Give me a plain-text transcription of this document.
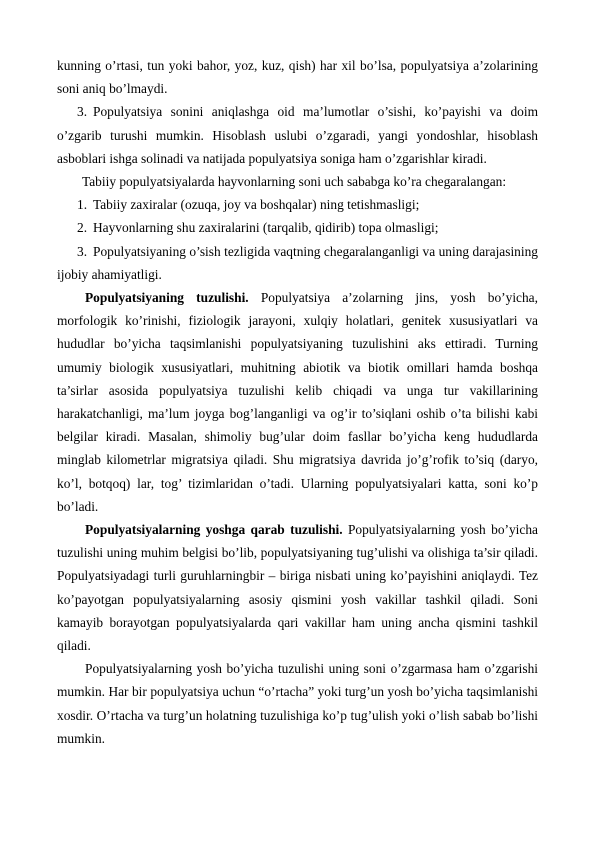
kunning o’rtasi, tun yoki bahor, yoz, kuz, qish) har xil bo’lsa, populyatsiya a’zolarining soni aniq bo’lmaydi.

3. Populyatsiya sonini aniqlashga oid ma’lumotlar o’sishi, ko’payishi va doim o’zgarib turushi mumkin. Hisoblash uslubi o’zgaradi, yangi yondoshlar, hisoblash asboblari ishga solinadi va natijada populyatsiya soniga ham o’zgarishlar kiradi.

Tabiiy populyatsiyalarda hayvonlarning soni uch sababga ko’ra chegaralangan:

1. Tabiiy zaxiralar (ozuqa, joy va boshqalar) ning tetishmasligi;

2. Hayvonlarning shu zaxiralarini (tarqalib, qidirib) topa olmasligi;

3. Populyatsiyaning o’sish tezligida vaqtning chegaralanganligi va uning darajasining ijobiy ahamiyatligi.

Populyatsiyaning tuzulishi. Populyatsiya a’zolarning jins, yosh bo’yicha, morfologik ko’rinishi, fiziologik jarayoni, xulqiy holatlari, genitek xususiyatlari va hududlar bo’yicha taqsimlanishi populyatsiyaning tuzulishini aks ettiradi. Turning umumiy biologik xususiyatlari, muhitning abiotik va biotik omillari hamda boshqa ta’sirlar asosida populyatsiya tuzulishi kelib chiqadi va unga tur vakillarining harakatchanligi, ma’lum joyga bog’langanligi va og’ir to’siqlani oshib o’ta bilishi kabi belgilar kiradi. Masalan, shimoliy bug’ular doim fasllar bo’yicha keng hududlarda minglab kilometrlar migratsiya qiladi. Shu migratsiya davrida jo’g’rofik to’siq (daryo, ko’l, botqoq) lar, tog’ tizimlaridan o’tadi. Ularning populyatsiyalari katta, soni ko’p bo’ladi.

Populyatsiyalarning yoshga qarab tuzulishi. Populyatsiyalarning yosh bo’yicha tuzulishi uning muhim belgisi bo’lib, populyatsiyaning tug’ulishi va olishiga ta’sir qiladi. Populyatsiyadagi turli guruhlarningbir – biriga nisbati uning ko’payishini aniqlaydi. Tez ko’payotgan populyatsiyalarning asosiy qismini yosh vakillar tashkil qiladi. Soni kamayib borayotgan populyatsiyalarda qari vakillar ham uning ancha qismini tashkil qiladi.

Populyatsiyalarning yosh bo’yicha tuzulishi uning soni o’zgarmasa ham o’zgarishi mumkin. Har bir populyatsiya uchun “o’rtacha” yoki turg’un yosh bo’yicha taqsimlanishi xosdir. O’rtacha va turg’un holatning tuzulishiga ko’p tug’ulish yoki o’lish sabab bo’lishi mumkin.
